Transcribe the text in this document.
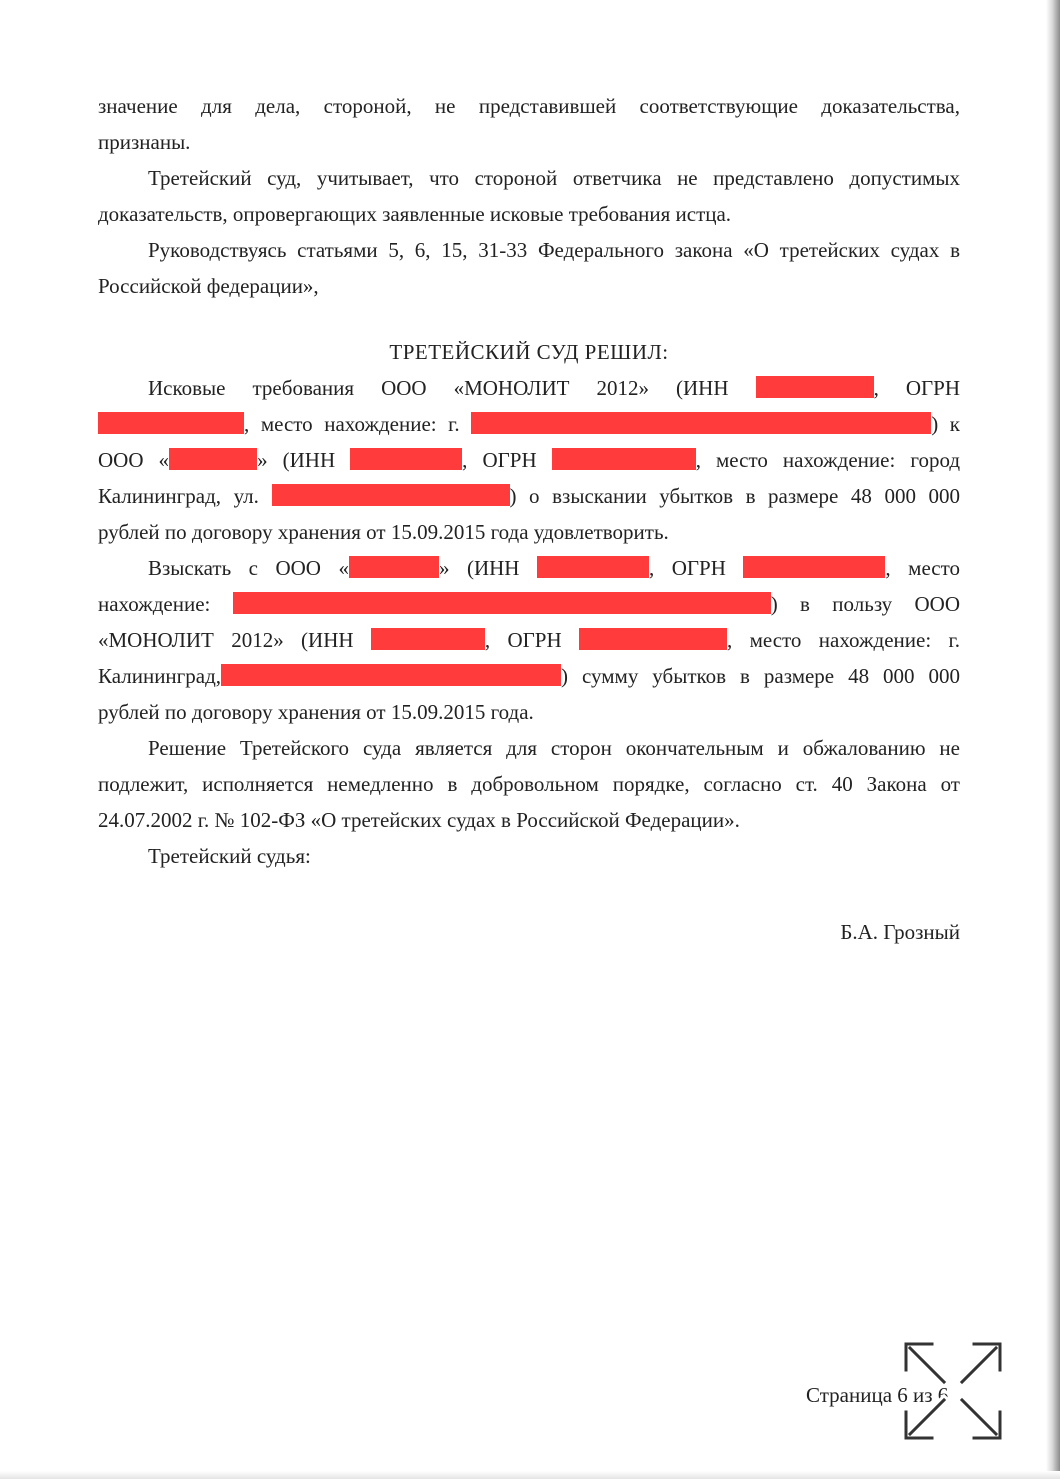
значение для дела, стороной, не представившей соответствующие доказательства,

признаны.

Третейский суд, учитывает, что стороной ответчика не представлено допустимых

доказательств, опровергающих заявленные исковые требования истца.

Руководствуясь статьями 5, 6, 15, 31-33 Федерального закона «О третейских судах в

Российской федерации»,

ТРЕТЕЙСКИЙ СУД РЕШИЛ:

Исковые требования ООО «МОНОЛИТ 2012» (ИНН	, ОГРН

, место нахождение: г.	) к

ООО «	» (ИНН	, ОГРН	, место нахождение: город

Калининград, ул.	) о взыскании убытков в размере 48 000 000

рублей по договору хранения от 15.09.2015 года удовлетворить.

Взыскать с ООО «	» (ИНН	, ОГРН	, место

нахождение:	) в пользу ООО

«МОНОЛИТ 2012» (ИНН	, ОГРН	, место нахождение: г.

Калининград,	) сумму убытков в размере 48 000 000

рублей по договору хранения от 15.09.2015 года.

Решение Третейского суда является для сторон окончательным и обжалованию не

подлежит, исполняется немедленно в добровольном порядке, согласно ст. 40 Закона от

24.07.2002 г. № 102-ФЗ «О третейских судах в Российской Федерации».

Третейский судья:

Б.А. Грозный
Страница 6 из 6
